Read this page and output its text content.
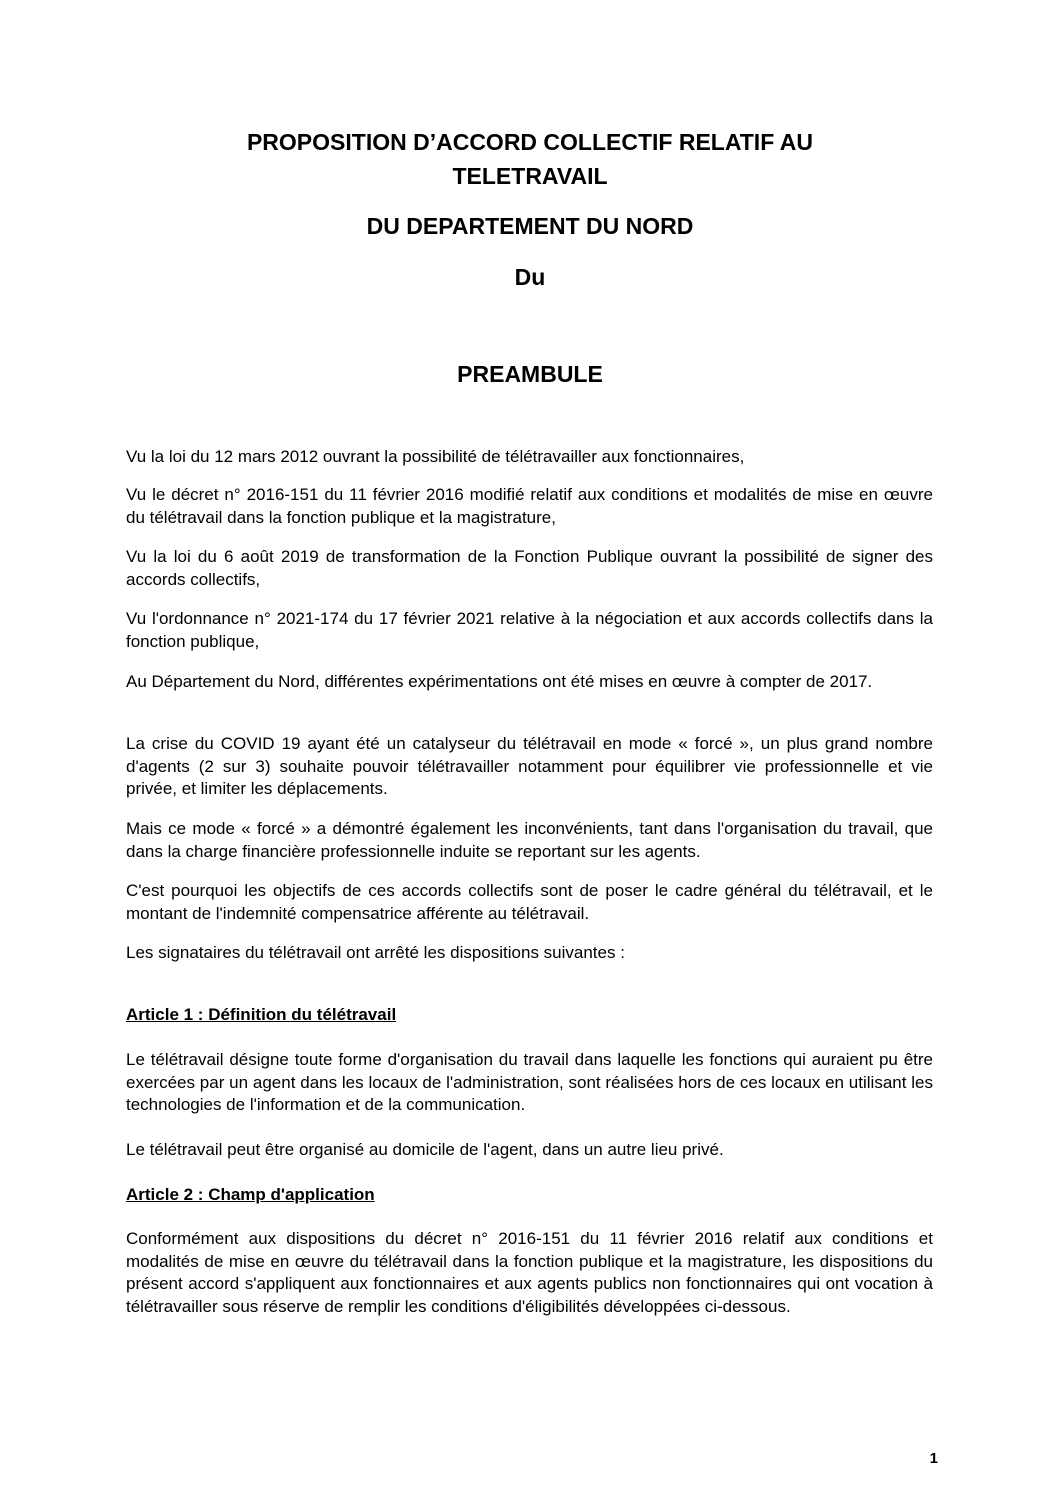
PROPOSITION D’ACCORD COLLECTIF RELATIF AU
TELETRAVAIL
DU DEPARTEMENT DU NORD
Du
PREAMBULE

Vu la loi du 12 mars 2012 ouvrant la possibilité de télétravailler aux fonctionnaires,

Vu le décret n° 2016-151 du 11 février 2016 modifié relatif aux conditions et modalités de mise en œuvre du télétravail dans la fonction publique et la magistrature,

Vu la loi du 6 août 2019 de transformation de la Fonction Publique ouvrant la possibilité de signer des accords collectifs,

Vu l'ordonnance n° 2021-174 du 17 février 2021 relative à la négociation et aux accords collectifs dans la fonction publique,

Au Département du Nord, différentes expérimentations ont été mises en œuvre à compter de 2017.

La crise du COVID 19 ayant été un catalyseur du télétravail en mode « forcé », un plus grand nombre d'agents (2 sur 3) souhaite pouvoir télétravailler notamment pour équilibrer vie professionnelle et vie privée, et limiter les déplacements.

Mais ce mode « forcé » a démontré également les inconvénients, tant dans l'organisation du travail, que dans la charge financière professionnelle induite se reportant sur les agents.

C'est pourquoi les objectifs de ces accords collectifs sont de poser le cadre général du télétravail, et le montant de l'indemnité compensatrice afférente au télétravail.

Les signataires du télétravail ont arrêté les dispositions suivantes :

Article 1 : Définition du télétravail

Le télétravail désigne toute forme d'organisation du travail dans laquelle les fonctions qui auraient pu être exercées par un agent dans les locaux de l'administration, sont réalisées hors de ces locaux en utilisant les technologies de l'information et de la communication.

Le télétravail peut être organisé au domicile de l'agent, dans un autre lieu privé.

Article 2 : Champ d'application

Conformément aux dispositions du décret n° 2016-151 du 11 février 2016 relatif aux conditions et modalités de mise en œuvre du télétravail dans la fonction publique et la magistrature, les dispositions du présent accord s'appliquent aux fonctionnaires et aux agents publics non fonctionnaires qui ont vocation à télétravailler sous réserve de remplir les conditions d'éligibilités développées ci-dessous.

1
